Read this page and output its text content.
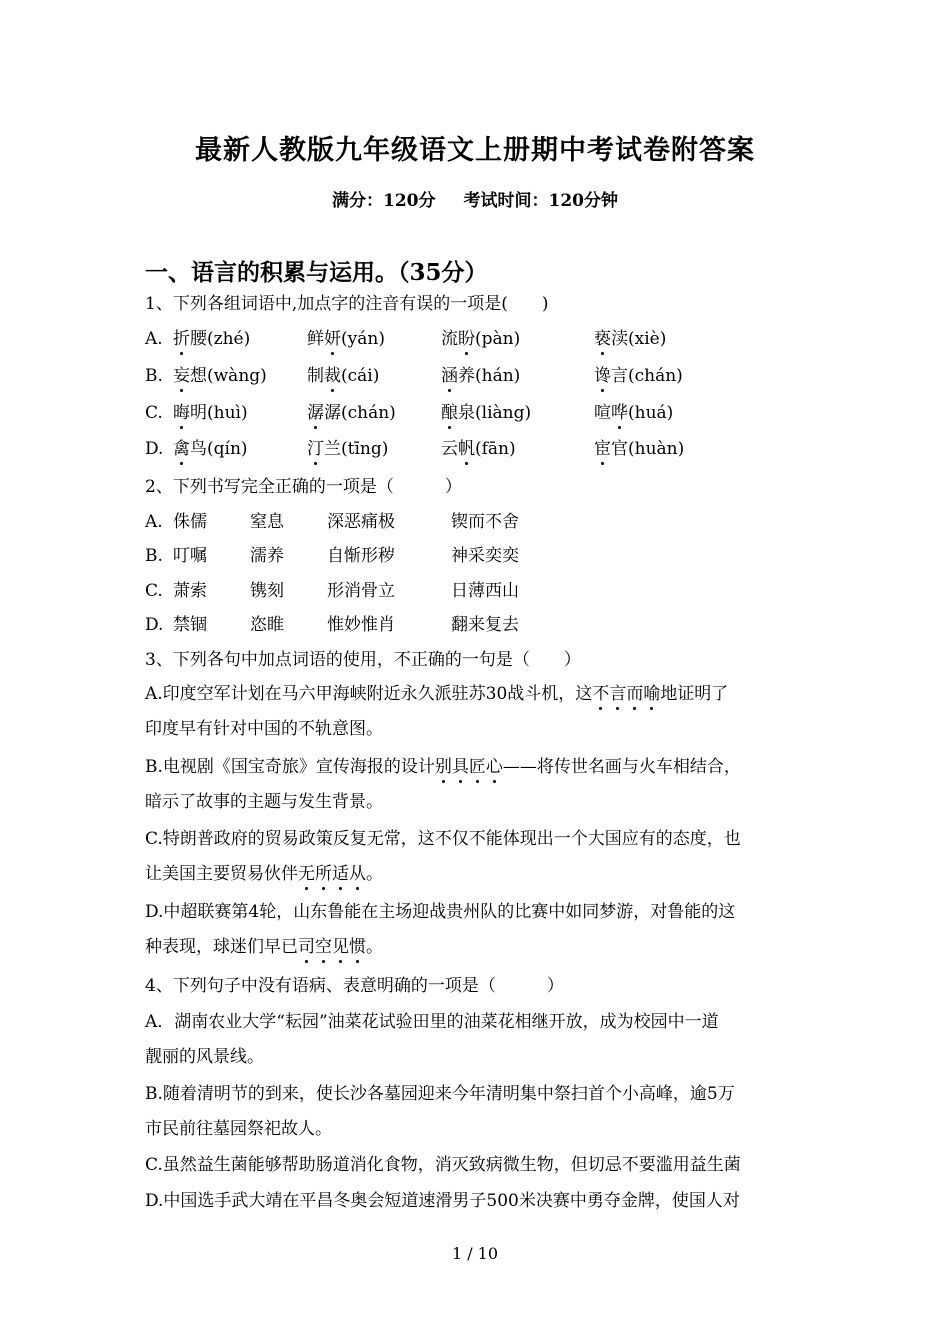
最新人教版九年级语文上册期中考试卷附答案
满分：120分 考试时间：120分钟
一、语言的积累与运用。（35分）
1、下列各组词语中,加点字的注音有误的一项是(　　)
A. 折腰(zhé)	鲜妍(yán)	流盼(pàn)	亵渎(xiè)
B. 妄想(wàng) 制裁(cái)	涵养(hán)	谗言(chán)
C. 晦明(huì)	潺潺(chán)	酿泉(liàng)	喧哗(huá)
D. 禽鸟(qín)	汀兰(tīng)	云帆(fān)	宦官(huàn)
2、下列书写完全正确的一项是（　　　）
A. 侏儒	窒息	深恶痛极	锲而不舍
B. 叮嘱	濡养	自惭形秽	神采奕奕
C. 萧索	镌刻	形消骨立	日薄西山
D. 禁锢	恣睢	惟妙惟肖	翻来复去
3、下列各句中加点词语的使用，不正确的一句是（　　）
A.印度空军计划在马六甲海峡附近永久派驻苏30战斗机，这不言而喻地证明了
印度早有针对中国的不轨意图。
B.电视剧《国宝奇旅》宣传海报的设计别具匠心——将传世名画与火车相结合，
暗示了故事的主题与发生背景。
C.特朗普政府的贸易政策反复无常，这不仅不能体现出一个大国应有的态度，也
让美国主要贸易伙伴无所适从。
D.中超联赛第4轮，山东鲁能在主场迎战贵州队的比赛中如同梦游，对鲁能的这
种表现，球迷们早已司空见惯。
4、下列句子中没有语病、表意明确的一项是（　　　）
A．湖南农业大学“耘园”油菜花试验田里的油菜花相继开放，成为校园中一道
靓丽的风景线。
B.随着清明节的到来，使长沙各墓园迎来今年清明集中祭扫首个小高峰，逾5万
市民前往墓园祭祀故人。
C.虽然益生菌能够帮助肠道消化食物，消灭致病微生物，但切忌不要滥用益生菌
D.中国选手武大靖在平昌冬奥会短道速滑男子500米决赛中勇夺金牌，使国人对
1 / 10
